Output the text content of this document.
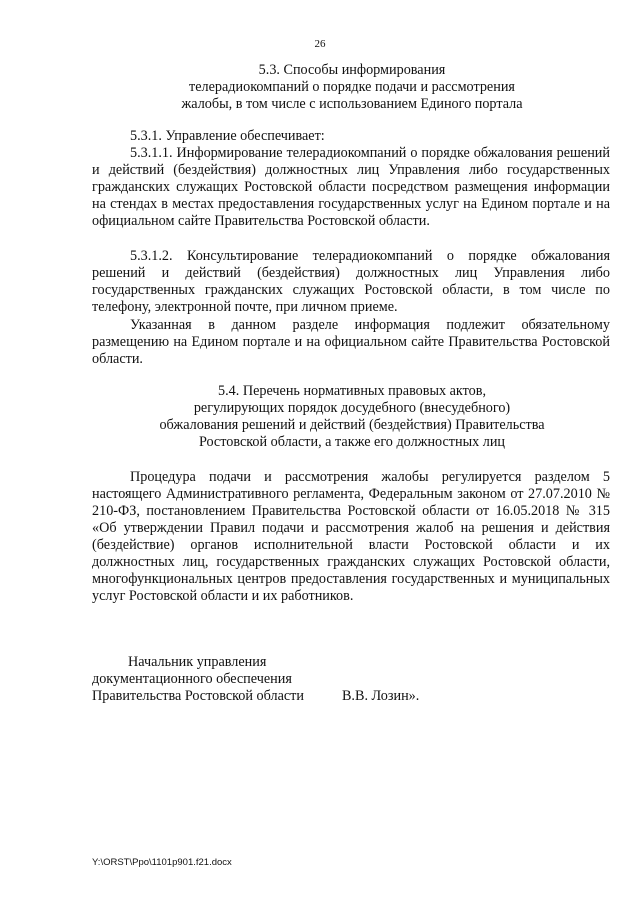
26
5.3. Способы информирования
телерадиокомпаний о порядке подачи и рассмотрения
жалобы, в том числе с использованием Единого портала
5.3.1. Управление обеспечивает:
5.3.1.1. Информирование телерадиокомпаний о порядке обжалования решений и действий (бездействия) должностных лиц Управления либо государственных гражданских служащих Ростовской области посредством размещения информации на стендах в местах предоставления государственных услуг на Едином портале и на официальном сайте Правительства Ростовской области.
5.3.1.2. Консультирование телерадиокомпаний о порядке обжалования решений и действий (бездействия) должностных лиц Управления либо государственных гражданских служащих Ростовской области, в том числе по телефону, электронной почте, при личном приеме.
Указанная в данном разделе информация подлежит обязательному размещению на Едином портале и на официальном сайте Правительства Ростовской области.
5.4. Перечень нормативных правовых актов,
регулирующих порядок досудебного (внесудебного)
обжалования решений и действий (бездействия) Правительства
Ростовской области, а также его должностных лиц
Процедура подачи и рассмотрения жалобы регулируется разделом 5 настоящего Административного регламента, Федеральным законом от 27.07.2010 № 210-ФЗ, постановлением Правительства Ростовской области от 16.05.2018 № 315 «Об утверждении Правил подачи и рассмотрения жалоб на решения и действия (бездействие) органов исполнительной власти Ростовской области и их должностных лиц, государственных гражданских служащих Ростовской области, многофункциональных центров предоставления государственных и муниципальных услуг Ростовской области и их работников.
Начальник управления
документационного обеспечения
Правительства Ростовской области	В.В. Лозин».
Y:\ORST\Ppo\1101p901.f21.docx
